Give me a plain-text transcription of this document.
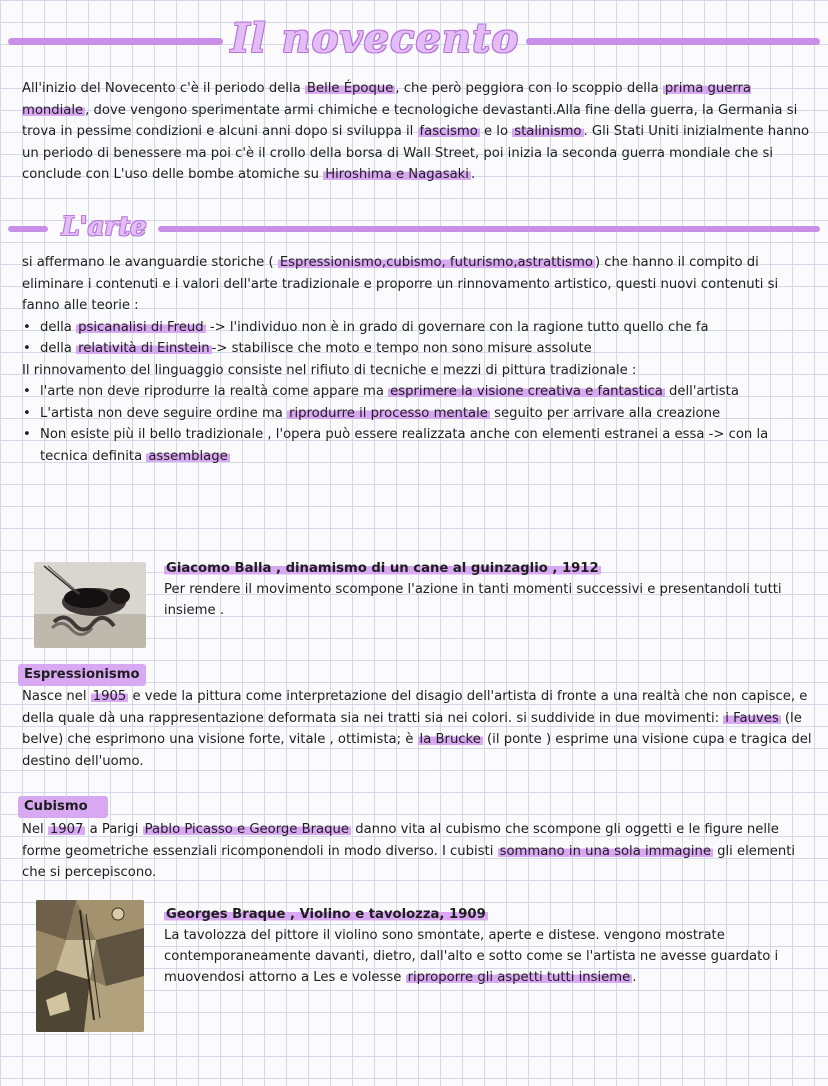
Il novecento

All'inizio del Novecento c'è il periodo della Belle Époque , che però peggiora con lo scoppio della prima guerra mondiale , dove vengono sperimentate armi chimiche e tecnologiche devastanti.Alla fine della guerra, la Germania si trova in pessime condizioni e alcuni anni dopo si sviluppa il fascismo e lo stalinismo . Gli Stati Uniti inizialmente hanno un periodo di benessere ma poi c'è il crollo della borsa di Wall Street, poi inizia la seconda guerra mondiale che si conclude con L'uso delle bombe atomiche su Hiroshima e Nagasaki .

L'arte

si affermano le avanguardie storiche ( Espressionismo,cubismo, futurismo,astrattismo ) che hanno il compito di eliminare i contenuti e i valori dell'arte tradizionale e proporre un rinnovamento artistico, questi nuovi contenuti si fanno alle teorie :

• della psicanalisi di Freud -> l'individuo non è in grado di governare con la ragione tutto quello che fa
• della relatività di Einstein -> stabilisce che moto e tempo non sono misure assolute

Il rinnovamento del linguaggio consiste nel rifiuto di tecniche e mezzi di pittura tradizionale :

• l'arte non deve riprodurre la realtà come appare ma esprimere la visione creativa e fantastica dell'artista
• L'artista non deve seguire ordine ma riprodurre il processo mentale seguito per arrivare alla creazione
• Non esiste più il bello tradizionale , l'opera può essere realizzata anche con elementi estranei a essa -> con la tecnica definita assemblage
Giacomo Balla , dinamismo di un cane al guinzaglio , 1912
Per rendere il movimento scompone l'azione in tanti momenti successivi e presentandoli tutti insieme .
Espressionismo

Nasce nel 1905 e vede la pittura come interpretazione del disagio dell'artista di fronte a una realtà che non capisce, e della quale dà una rappresentazione deformata sia nei tratti sia nei colori. si suddivide in due movimenti: i Fauves (le belve) che esprimono una visione forte, vitale , ottimista; è la Brucke (il ponte ) esprime una visione cupa e tragica del destino dell'uomo.

Cubismo

Nel 1907 a Parigi Pablo Picasso e George Braque danno vita al cubismo che scompone gli oggetti e le figure nelle forme geometriche essenziali ricomponendoli in modo diverso. I cubisti sommano in una sola immagine gli elementi che si percepiscono.

Georges Braque , Violino e tavolozza, 1909
La tavolozza del pittore il violino sono smontate, aperte e distese. vengono mostrate contemporaneamente davanti, dietro, dall'alto e sotto come se l'artista ne avesse guardato i muovendosi attorno a Les e volesse riproporre gli aspetti tutti insieme .
